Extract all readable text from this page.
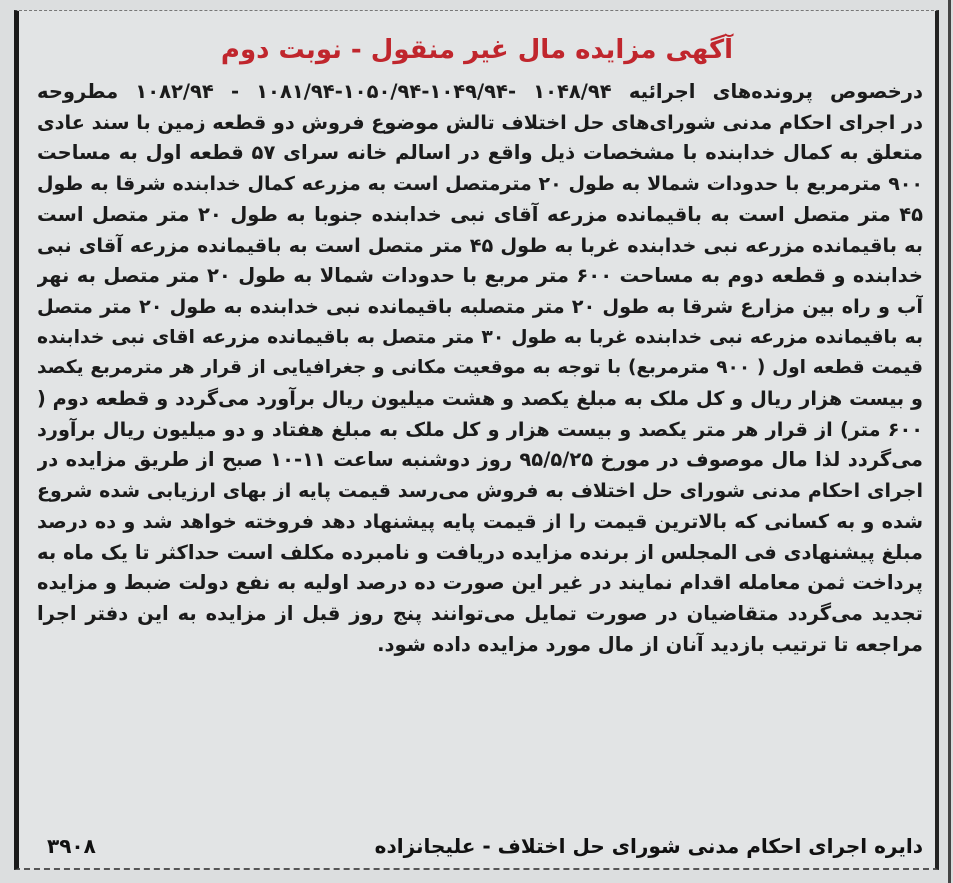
آگهی مزایده مال غیر منقول - نوبت دوم
درخصوص پرونده‌های اجرائیه ۱۰۴۸/۹۴ -۱۰۴۹/۹۴-۱۰۵۰/۹۴-۱۰۸۱/۹۴ - ۱۰۸۲/۹۴ مطروحه
در اجرای احکام مدنی شورای‌های حل اختلاف تالش موضوع فروش دو قطعه زمین با سند عادی
متعلق به کمال خدابنده با مشخصات ذیل واقع در اسالم خانه سرای ۵۷ قطعه اول به مساحت
۹۰۰ مترمربع با حدودات شمالا به طول ۲۰ مترمتصل است به مزرعه کمال خدابنده شرقا به طول
۴۵ متر متصل است به باقیمانده مزرعه آقای نبی خدابنده جنوبا به طول ۲۰ متر متصل است
به باقیمانده مزرعه نبی خدابنده غربا به طول ۴۵ متر متصل است به باقیمانده مزرعه آقای نبی
خدابنده و قطعه دوم به مساحت ۶۰۰ متر مربع با حدودات شمالا به طول ۲۰ متر متصل به نهر
آب و راه بین مزارع شرقا به طول ۲۰ متر متصلبه باقیمانده نبی خدابنده به طول ۲۰ متر متصل
به باقیمانده مزرعه نبی خدابنده غربا به طول ۳۰ متر متصل به باقیمانده مزرعه اقای نبی خدابنده
قیمت قطعه اول ( ۹۰۰ مترمربع) با توجه به موقعیت مکانی و جغرافیایی از قرار هر مترمربع یکصد
و بیست هزار ریال و کل ملک به مبلغ یکصد و هشت میلیون ریال برآورد می‌گردد و قطعه دوم (
۶۰۰ متر) از قرار هر متر یکصد و بیست هزار و کل ملک به مبلغ هفتاد و دو میلیون ریال برآورد
می‌گردد لذا مال موصوف در مورخ ۹۵/۵/۲۵ روز دوشنبه ساعت ۱۱-۱۰ صبح از طریق مزایده در
اجرای احکام مدنی شورای حل اختلاف به فروش می‌رسد قیمت پایه از بهای ارزیابی شده شروع
شده و به کسانی که بالاترین قیمت را از قیمت پایه پیشنهاد دهد فروخته خواهد شد و ده درصد
مبلغ پیشنهادی فی المجلس از برنده مزایده دریافت و نامبرده مکلف است حداکثر تا یک ماه به
پرداخت ثمن معامله اقدام نمایند در غیر این صورت ده درصد اولیه به نفع دولت ضبط و مزایده
تجدید می‌گردد متقاضیان در صورت تمایل می‌توانند پنج روز قبل از مزایده به این دفتر اجرا
مراجعه تا ترتیب بازدید آنان از مال مورد مزایده داده شود.
دایره اجرای احکام مدنی شورای حل اختلاف - علیجانزاده
۳۹۰۸
